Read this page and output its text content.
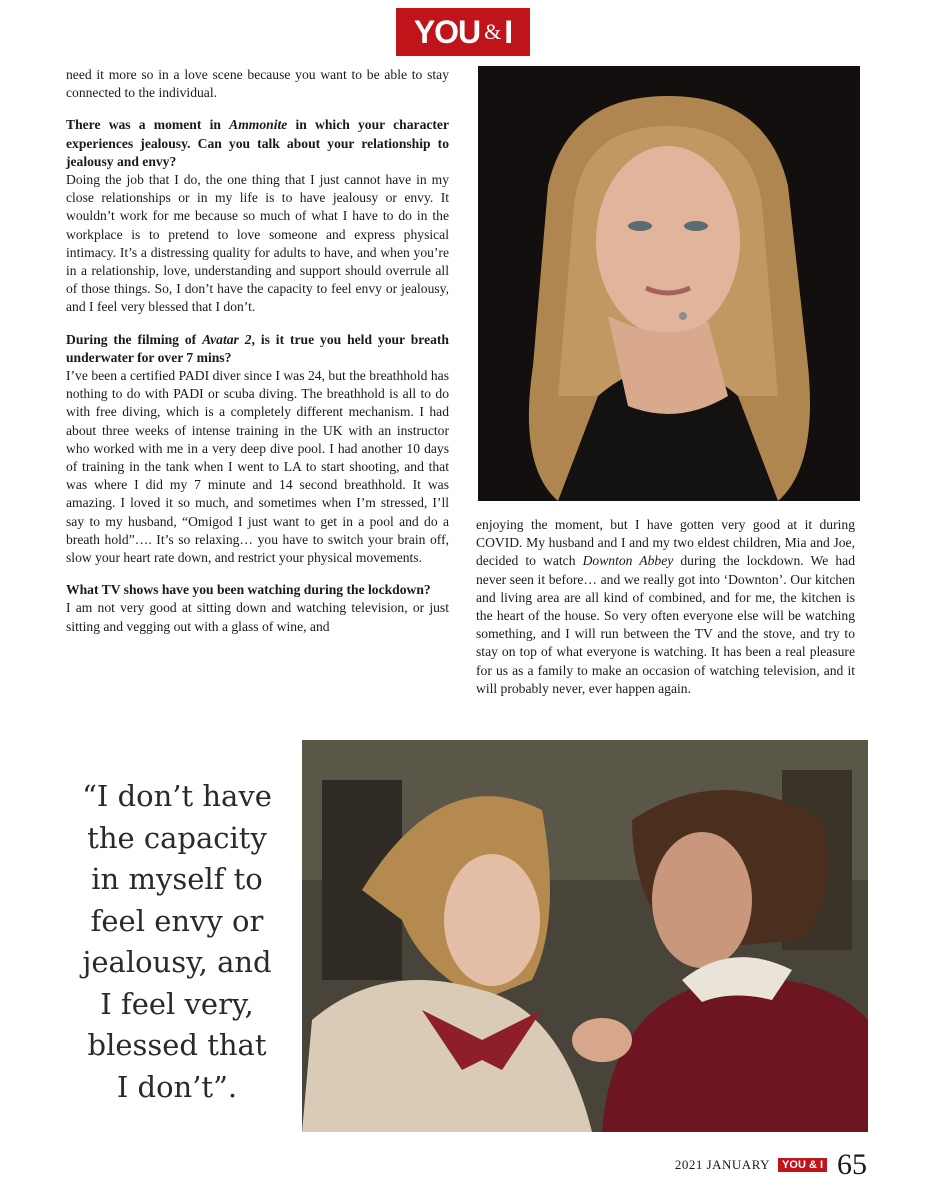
YOU & I

need it more so in a love scene because you want to be able to stay connected to the individual.

There was a moment in Ammonite in which your character experiences jealousy. Can you talk about your relationship to jealousy and envy?

Doing the job that I do, the one thing that I just cannot have in my close relationships or in my life is to have jealousy or envy. It wouldn’t work for me because so much of what I have to do in the workplace is to pretend to love someone and express physical intimacy. It’s a distressing quality for adults to have, and when you’re in a relationship, love, understanding and support should overrule all of those things. So, I don’t have the capacity to feel envy or jealousy, and I feel very blessed that I don’t.

During the filming of Avatar 2, is it true you held your breath underwater for over 7 mins?

I’ve been a certified PADI diver since I was 24, but the breathhold has nothing to do with PADI or scuba diving. The breathhold is all to do with free diving, which is a completely different mechanism. I had about three weeks of intense training in the UK with an instructor who worked with me in a very deep dive pool. I had another 10 days of training in the tank when I went to LA to start shooting, and that was where I did my 7 minute and 14 second breathhold. It was amazing. I loved it so much, and sometimes when I’m stressed, I’ll say to my husband, “Omigod I just want to get in a pool and do a breath hold”…. It’s so relaxing… you have to switch your brain off, slow your heart rate down, and restrict your physical movements.

What TV shows have you been watching during the lockdown?

I am not very good at sitting down and watching television, or just sitting and vegging out with a glass of wine, and

enjoying the moment, but I have gotten very good at it during COVID. My husband and I and my two eldest children, Mia and Joe, decided to watch Downton Abbey during the lockdown. We had never seen it before… and we really got into ‘Downton’. Our kitchen and living area are all kind of combined, and for me, the kitchen is the heart of the house. So very often everyone else will be watching something, and I will run between the TV and the stove, and try to stay on top of what everyone is watching. It has been a real pleasure for us as a family to make an occasion of watching television, and it will probably never, ever happen again.

“I don’t have
the capacity
in myself to
feel envy or
jealousy, and
I feel very,
blessed that
I don’t”.
2021 JANUARY	YOU & I 65
